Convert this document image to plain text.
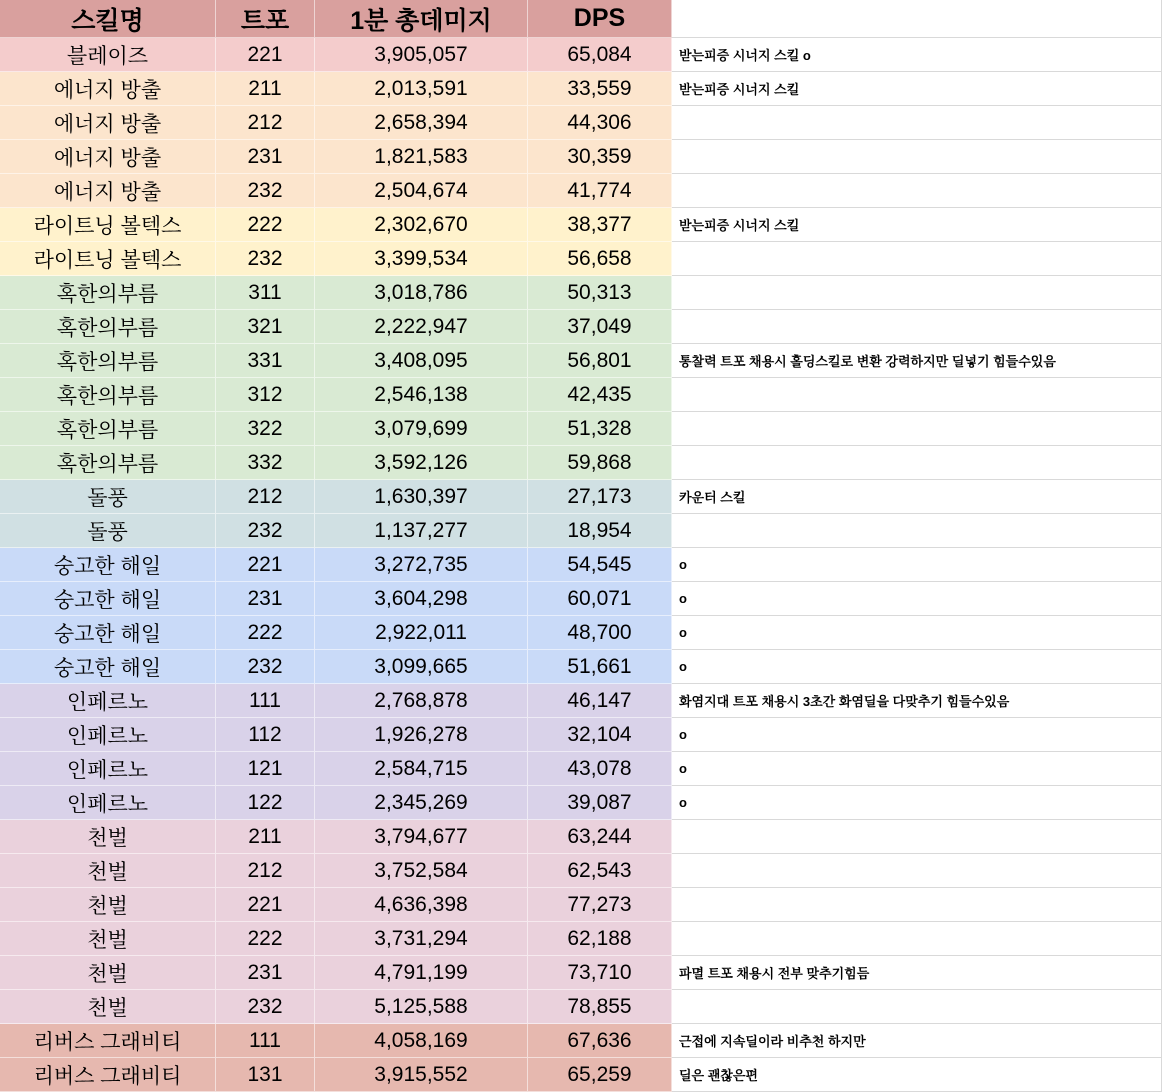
스킬명	트포	1분 총데미지	DPS
블레이즈	221	3,905,057	65,084	받는피증 시너지 스킬 o
에너지 방출	211	2,013,591	33,559	받는피증 시너지 스킬
에너지 방출	212	2,658,394	44,306
에너지 방출	231	1,821,583	30,359
에너지 방출	232	2,504,674	41,774
라이트닝 볼텍스	222	2,302,670	38,377	받는피증 시너지 스킬
라이트닝 볼텍스	232	3,399,534	56,658
혹한의부름	311	3,018,786	50,313
혹한의부름	321	2,222,947	37,049
혹한의부름	331	3,408,095	56,801	통찰력 트포 채용시 홀딩스킬로 변환 강력하지만 딜넣기 힘들수있음
혹한의부름	312	2,546,138	42,435
혹한의부름	322	3,079,699	51,328
혹한의부름	332	3,592,126	59,868
돌풍	212	1,630,397	27,173	카운터 스킬
돌풍	232	1,137,277	18,954
숭고한 해일	221	3,272,735	54,545	o
숭고한 해일	231	3,604,298	60,071	o
숭고한 해일	222	2,922,011	48,700	o
숭고한 해일	232	3,099,665	51,661	o
인페르노	111	2,768,878	46,147	화염지대 트포 채용시 3초간 화염딜을 다맞추기 힘들수있음
인페르노	112	1,926,278	32,104	o
인페르노	121	2,584,715	43,078	o
인페르노	122	2,345,269	39,087	o
천벌	211	3,794,677	63,244
천벌	212	3,752,584	62,543
천벌	221	4,636,398	77,273
천벌	222	3,731,294	62,188
천벌	231	4,791,199	73,710	파멸 트포 채용시 전부 맞추기힘듬
천벌	232	5,125,588	78,855
리버스 그래비티	111	4,058,169	67,636	근접에 지속딜이라 비추천 하지만
리버스 그래비티	131	3,915,552	65,259	딜은 괜찮은편
